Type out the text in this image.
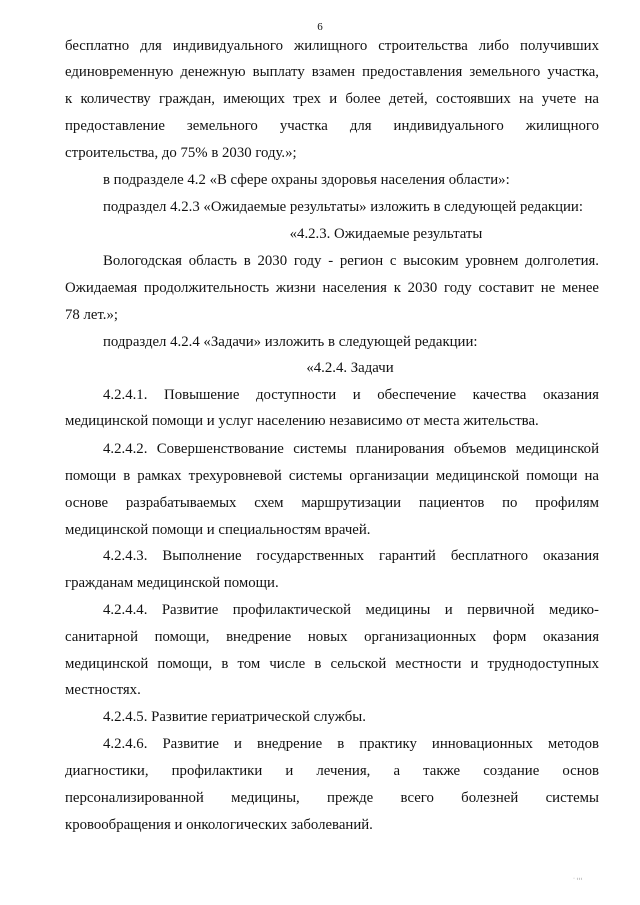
6
бесплатно для индивидуального жилищного строительства либо получивших
единовременную денежную выплату взамен предоставления земельного участка,
к количеству граждан, имеющих трех и более детей, состоявших на учете на
предоставление земельного участка для индивидуального жилищного
строительства, до 75% в 2030 году.»;
в подразделе 4.2 «В сфере охраны здоровья населения области»:
подраздел 4.2.3 «Ожидаемые результаты» изложить в следующей редакции:
«4.2.3. Ожидаемые результаты
Вологодская область в 2030 году - регион с высоким уровнем долголетия.
Ожидаемая продолжительность жизни населения к 2030 году составит не менее
78 лет.»;
подраздел 4.2.4 «Задачи» изложить в следующей редакции:
«4.2.4. Задачи
4.2.4.1. Повышение доступности и обеспечение качества оказания
медицинской помощи и услуг населению независимо от места жительства.
4.2.4.2. Совершенствование системы планирования объемов медицинской
помощи в рамках трехуровневой системы организации медицинской помощи на
основе разрабатываемых схем маршрутизации пациентов по профилям
медицинской помощи и специальностям врачей.
4.2.4.3. Выполнение государственных гарантий бесплатного оказания
гражданам медицинской помощи.
4.2.4.4. Развитие профилактической медицины и первичной медико-
санитарной помощи, внедрение новых организационных форм оказания
медицинской помощи, в том числе в сельской местности и труднодоступных
местностях.
4.2.4.5. Развитие гериатрической службы.
4.2.4.6. Развитие и внедрение в практику инновационных методов
диагностики, профилактики и лечения, а также создание основ
персонализированной медицины, прежде всего болезней системы
кровообращения и онкологических заболеваний.
· ‹‹‹
